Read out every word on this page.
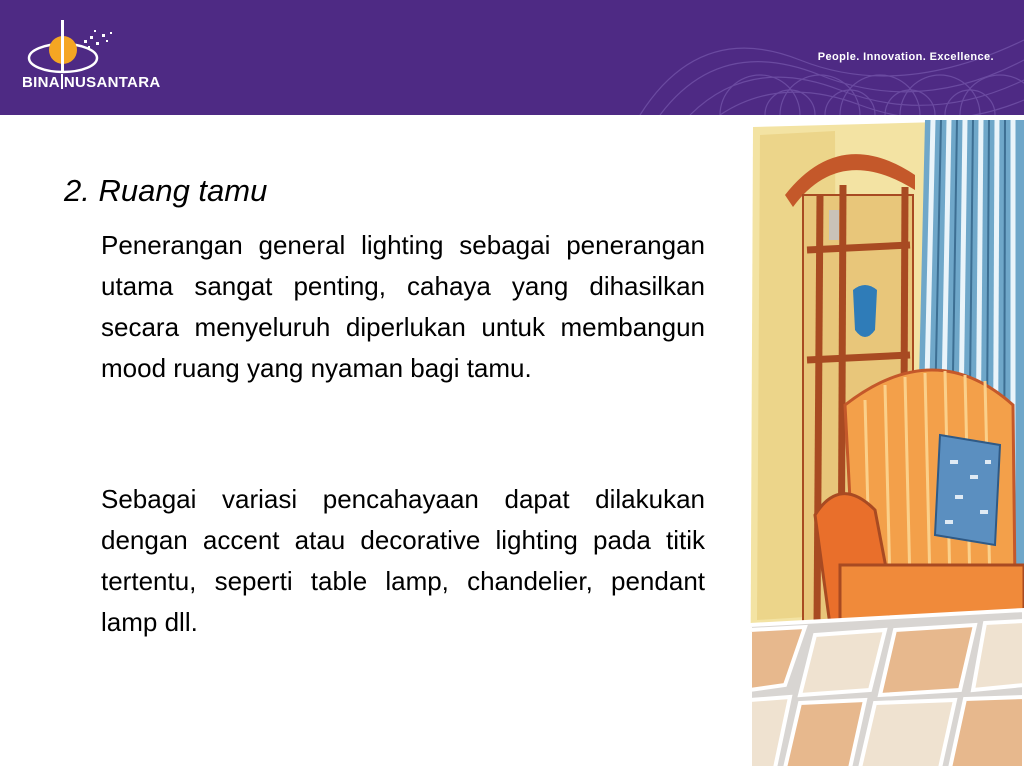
BINA NUSANTARA
People. Innovation. Excellence.
2. Ruang tamu

Penerangan general lighting sebagai penerangan utama sangat penting, cahaya yang dihasilkan secara menyeluruh diperlukan untuk membangun mood ruang yang nyaman bagi tamu.

Sebagai variasi pencahayaan dapat dilakukan dengan accent atau decorative lighting pada titik tertentu, seperti table lamp, chandelier, pendant lamp dll.
